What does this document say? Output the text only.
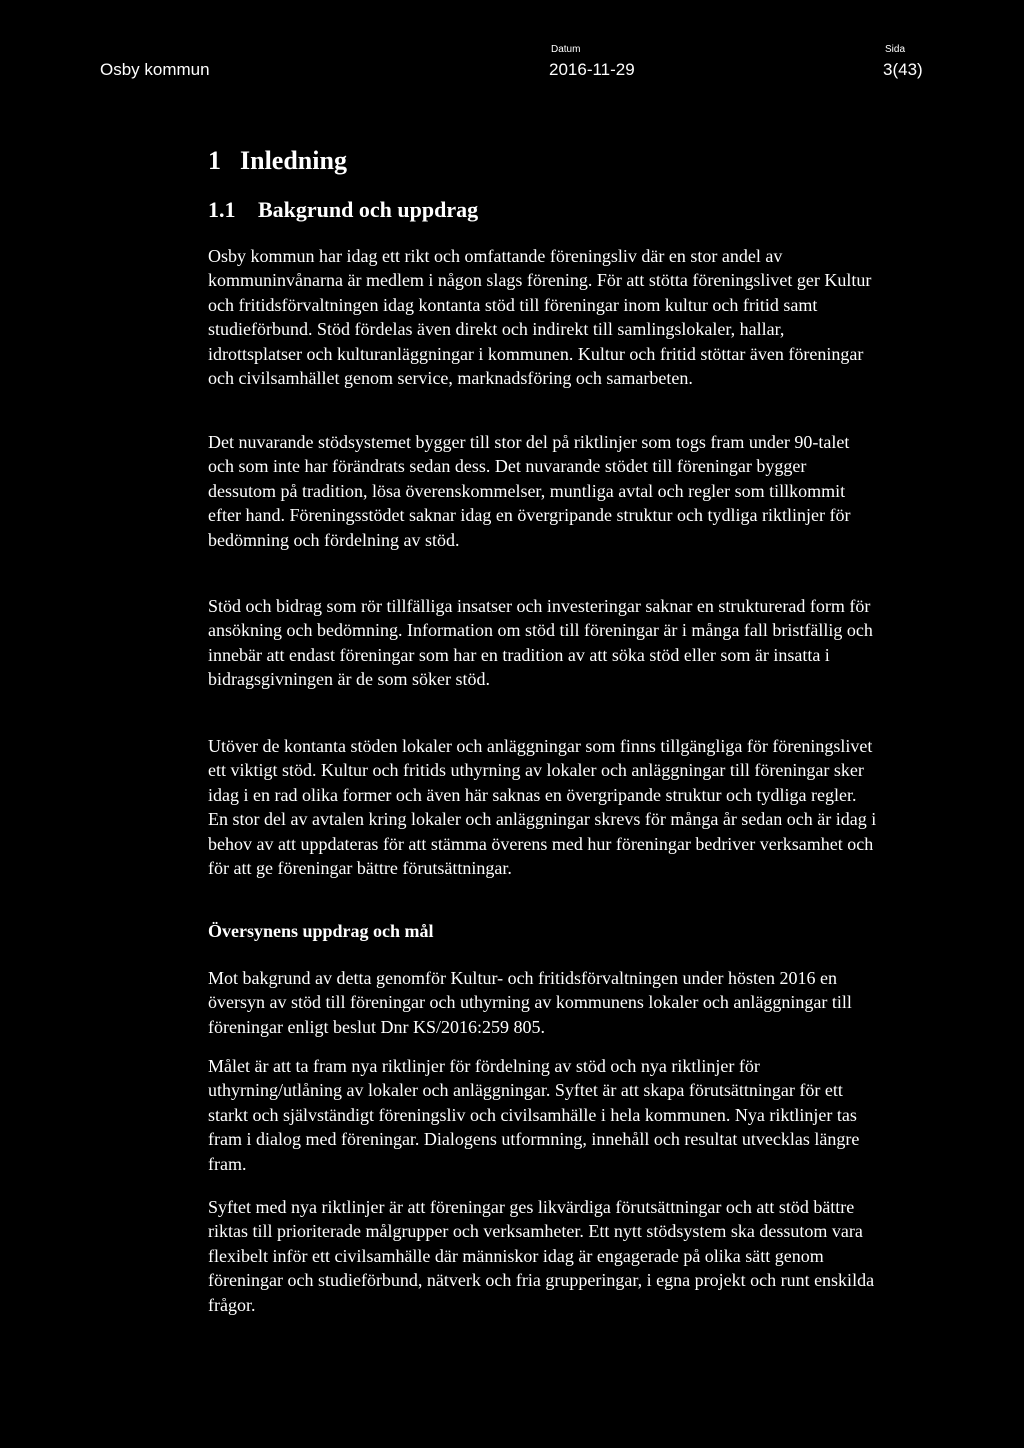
Osby kommun
Datum
2016-11-29
Sida
3(43)
1 Inledning
1.1 Bakgrund och uppdrag

Osby kommun har idag ett rikt och omfattande föreningsliv där en stor andel av kommuninvånarna är medlem i någon slags förening. För att stötta föreningslivet ger Kultur och fritidsförvaltningen idag kontanta stöd till föreningar inom kultur och fritid samt studieförbund. Stöd fördelas även direkt och indirekt till samlingslokaler, hallar, idrottsplatser och kulturanläggningar i kommunen. Kultur och fritid stöttar även föreningar och civilsamhället genom service, marknadsföring och samarbeten.

Det nuvarande stödsystemet bygger till stor del på riktlinjer som togs fram under 90-talet och som inte har förändrats sedan dess. Det nuvarande stödet till föreningar bygger dessutom på tradition, lösa överenskommelser, muntliga avtal och regler som tillkommit efter hand. Föreningsstödet saknar idag en övergripande struktur och tydliga riktlinjer för bedömning och fördelning av stöd.

Stöd och bidrag som rör tillfälliga insatser och investeringar saknar en strukturerad form för ansökning och bedömning. Information om stöd till föreningar är i många fall bristfällig och innebär att endast föreningar som har en tradition av att söka stöd eller som är insatta i bidragsgivningen är de som söker stöd.

Utöver de kontanta stöden lokaler och anläggningar som finns tillgängliga för föreningslivet ett viktigt stöd. Kultur och fritids uthyrning av lokaler och anläggningar till föreningar sker idag i en rad olika former och även här saknas en övergripande struktur och tydliga regler. En stor del av avtalen kring lokaler och anläggningar skrevs för många år sedan och är idag i behov av att uppdateras för att stämma överens med hur föreningar bedriver verksamhet och för att ge föreningar bättre förutsättningar.

Översynens uppdrag och mål

Mot bakgrund av detta genomför Kultur- och fritidsförvaltningen under hösten 2016 en översyn av stöd till föreningar och uthyrning av kommunens lokaler och anläggningar till föreningar enligt beslut Dnr KS/2016:259 805.

Målet är att ta fram nya riktlinjer för fördelning av stöd och nya riktlinjer för uthyrning/utlåning av lokaler och anläggningar. Syftet är att skapa förutsättningar för ett starkt och självständigt föreningsliv och civilsamhälle i hela kommunen. Nya riktlinjer tas fram i dialog med föreningar. Dialogens utformning, innehåll och resultat utvecklas längre fram.

Syftet med nya riktlinjer är att föreningar ges likvärdiga förutsättningar och att stöd bättre riktas till prioriterade målgrupper och verksamheter. Ett nytt stödsystem ska dessutom vara flexibelt inför ett civilsamhälle där människor idag är engagerade på olika sätt genom föreningar och studieförbund, nätverk och fria grupperingar, i egna projekt och runt enskilda frågor.
